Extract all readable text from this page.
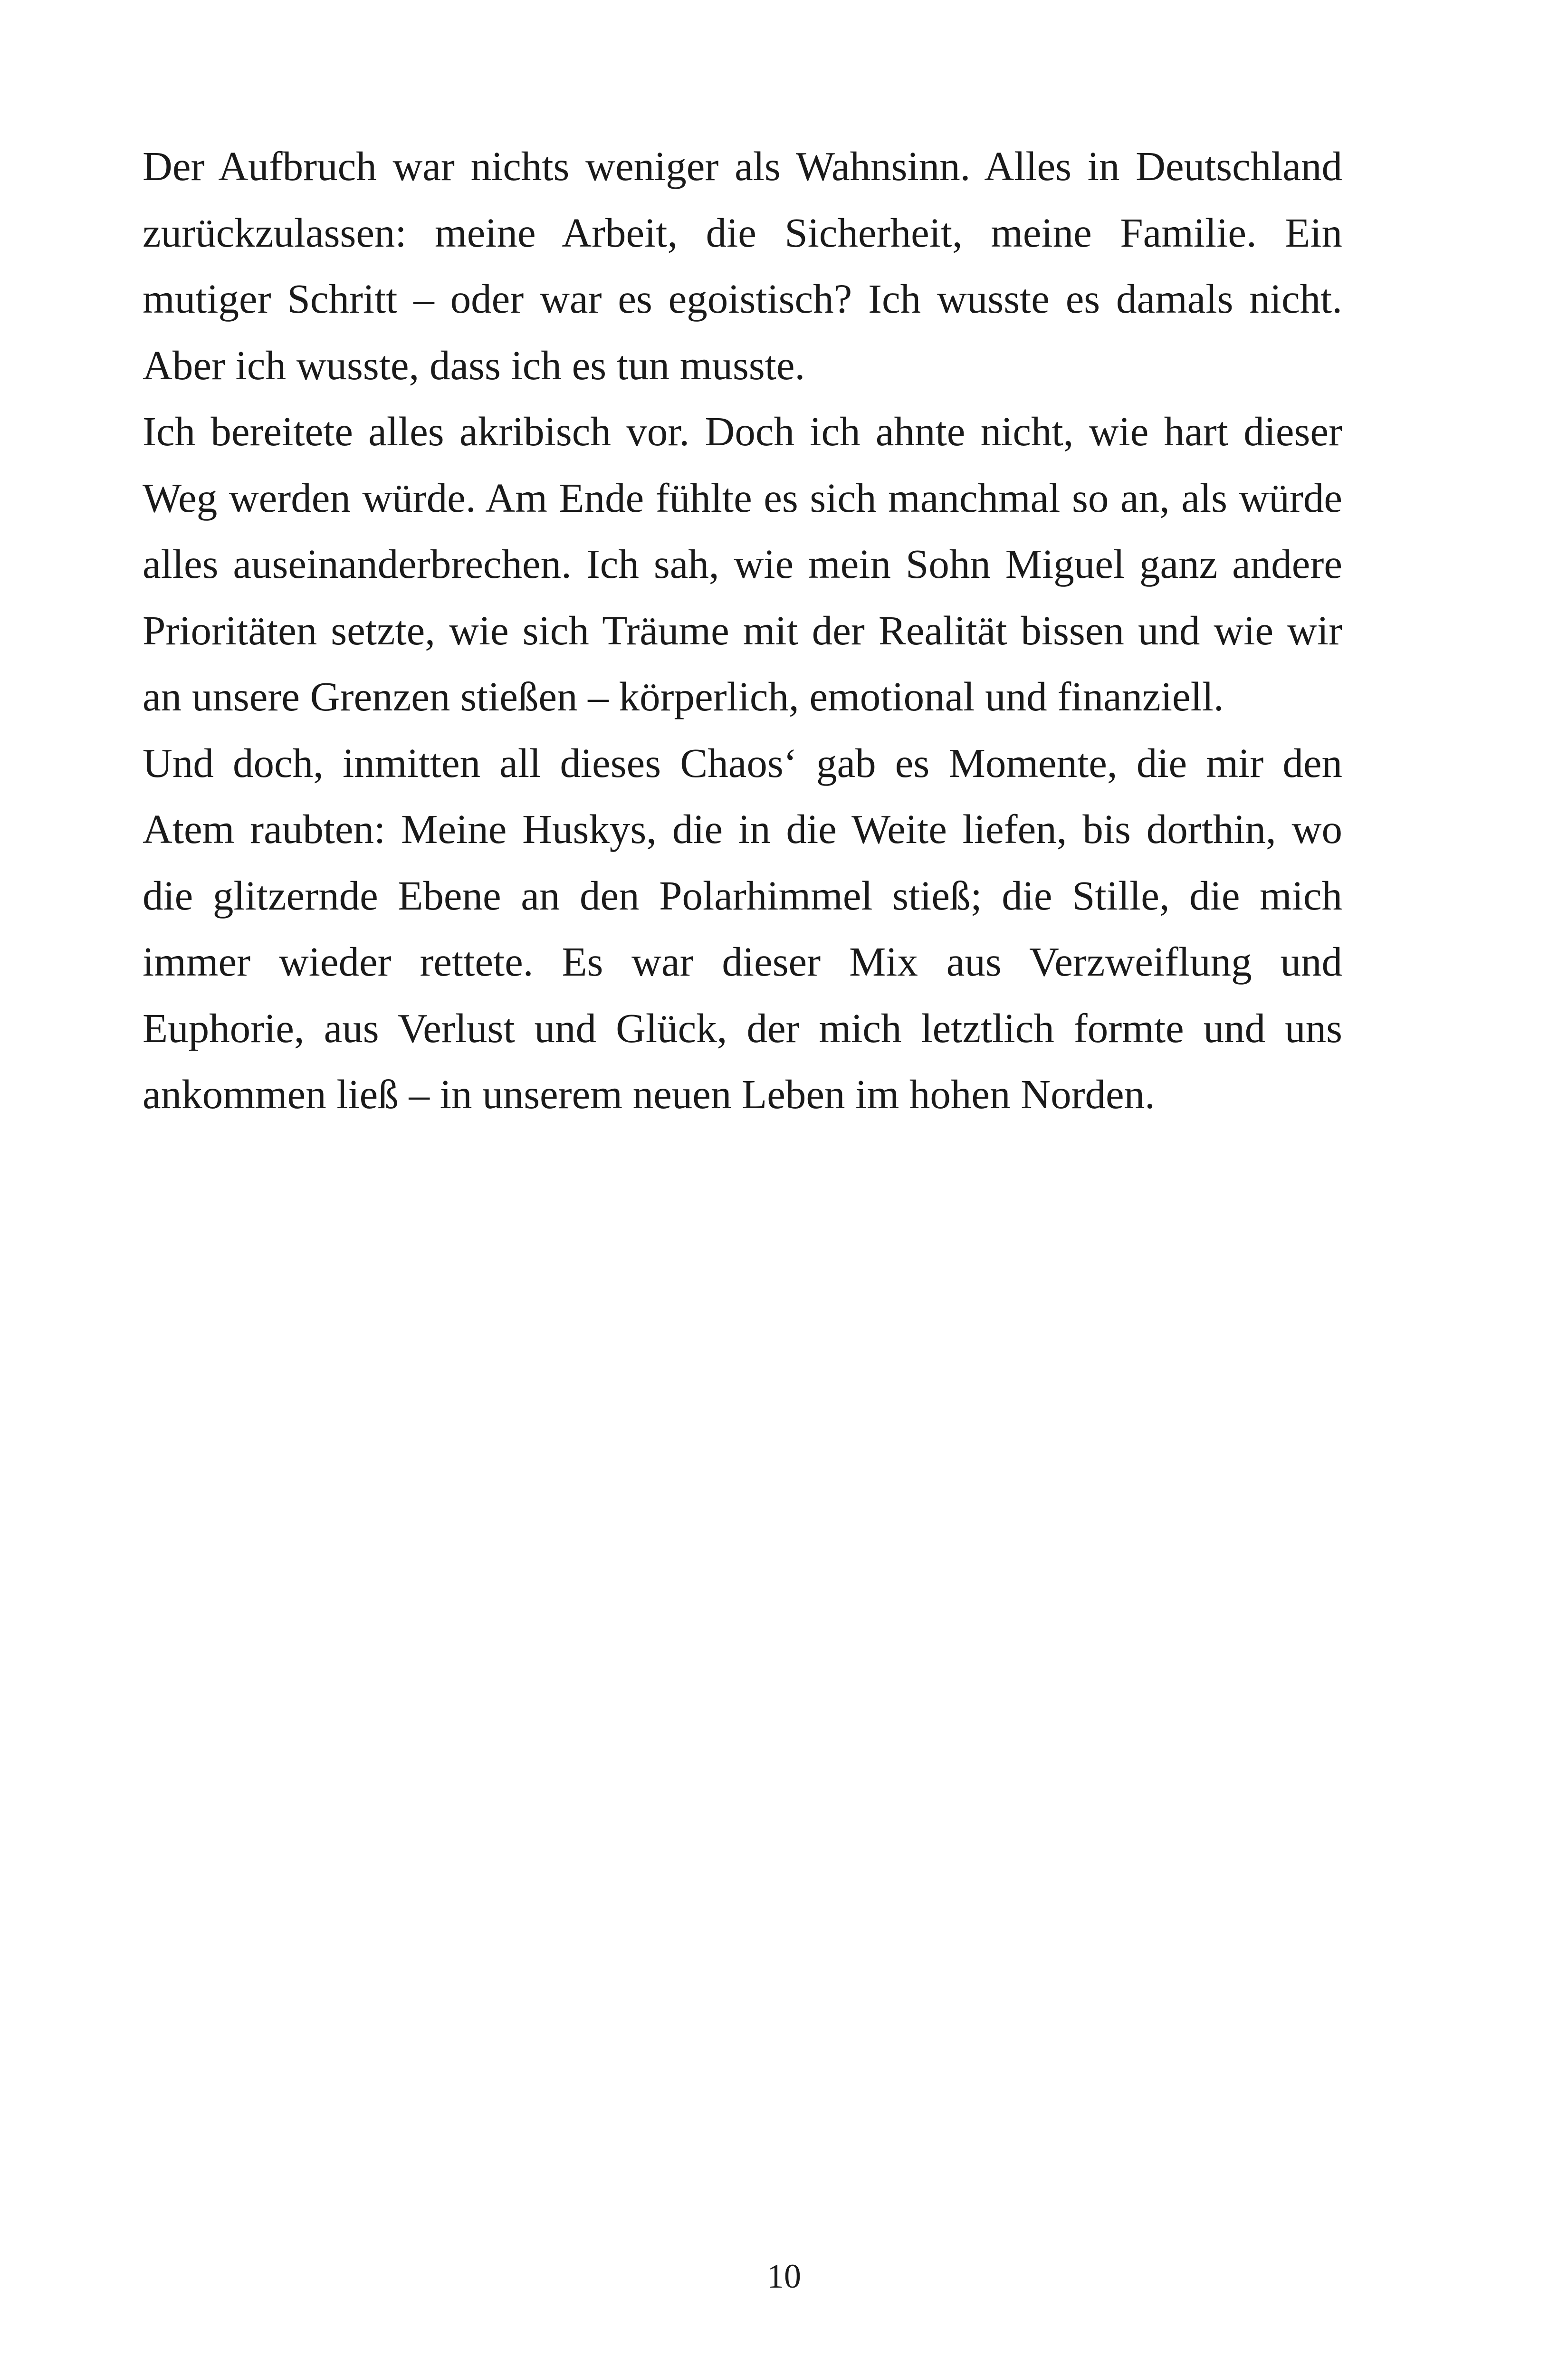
Der Aufbruch war nichts weniger als Wahnsinn. Alles in Deutschland zurückzulassen: meine Arbeit, die Sicherheit, meine Familie. Ein mutiger Schritt – oder war es egoistisch? Ich wusste es damals nicht. Aber ich wusste, dass ich es tun musste.

Ich bereitete alles akribisch vor. Doch ich ahnte nicht, wie hart dieser Weg werden würde. Am Ende fühlte es sich manchmal so an, als würde alles auseinanderbrechen. Ich sah, wie mein Sohn Miguel ganz andere Prioritäten setzte, wie sich Träume mit der Realität bissen und wie wir an unsere Grenzen stießen – körperlich, emotional und finanziell.

Und doch, inmitten all dieses Chaos‘ gab es Momente, die mir den Atem raubten: Meine Huskys, die in die Weite liefen, bis dorthin, wo die glitzernde Ebene an den Polarhimmel stieß; die Stille, die mich immer wieder rettete. Es war dieser Mix aus Verzweiflung und Euphorie, aus Verlust und Glück, der mich letztlich formte und uns ankommen ließ – in unserem neuen Leben im hohen Norden.

10
